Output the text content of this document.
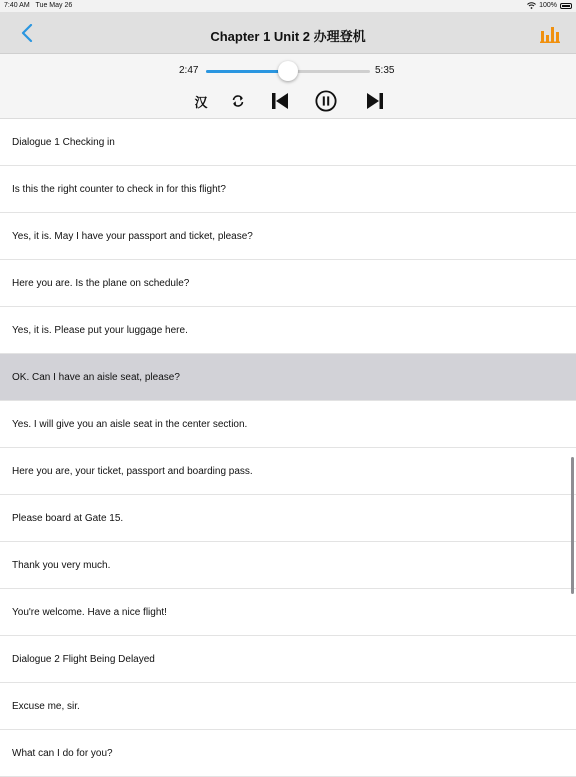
7:40 AM Tue May 26	100%
Chapter 1 Unit 2 办理登机
2:47	5:35
汉
Dialogue 1 Checking in
Is this the right counter to check in for this flight?
Yes, it is. May I have your passport and ticket, please?
Here you are. Is the plane on schedule?
Yes, it is. Please put your luggage here.
OK. Can I have an aisle seat, please?
Yes. I will give you an aisle seat in the center section.
Here you are, your ticket, passport and boarding pass.
Please board at Gate 15.
Thank you very much.
You're welcome. Have a nice flight!
Dialogue 2 Flight Being Delayed
Excuse me, sir.
What can I do for you?
